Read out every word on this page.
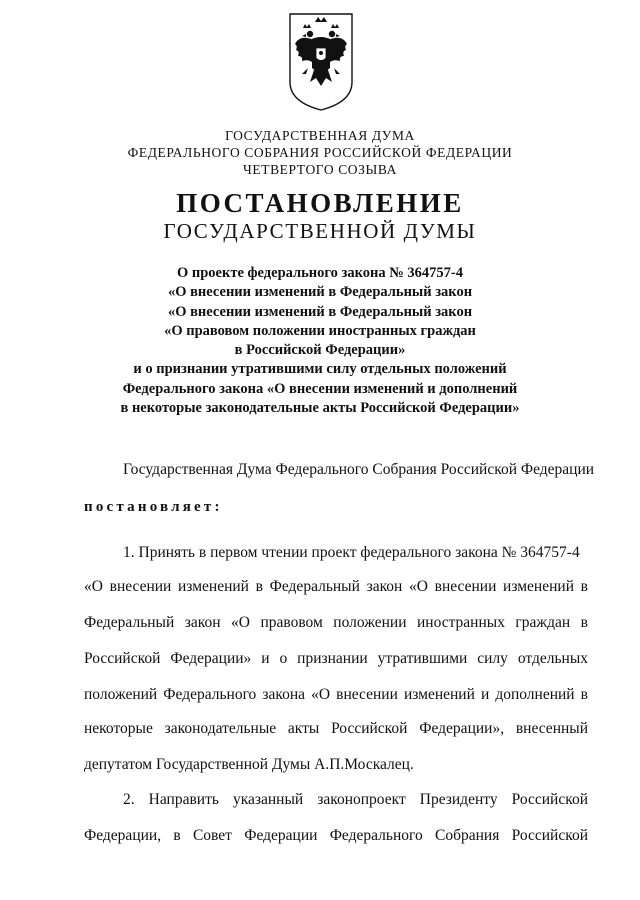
ГОСУДАРСТВЕННАЯ ДУМА
ФЕДЕРАЛЬНОГО СОБРАНИЯ РОССИЙСКОЙ ФЕДЕРАЦИИ
ЧЕТВЕРТОГО СОЗЫВА
ПОСТАНОВЛЕНИЕ
ГОСУДАРСТВЕННОЙ ДУМЫ
О проекте федерального закона № 364757-4
«О внесении изменений в Федеральный закон
«О внесении изменений в Федеральный закон
«О правовом положении иностранных граждан
в Российской Федерации»
и о признании утратившими силу отдельных положений
Федерального закона «О внесении изменений и дополнений
в некоторые законодательные акты Российской Федерации»
Государственная Дума Федерального Собрания Российской Федерации
постановляет:
1. Принять в первом чтении проект федерального закона № 364757-4
«О внесении изменений в Федеральный закон «О внесении изменений в
Федеральный закон «О правовом положении иностранных граждан в
Российской Федерации» и о признании утратившими силу отдельных
положений Федерального закона «О внесении изменений и дополнений в
некоторые законодательные акты Российской Федерации», внесенный
депутатом Государственной Думы А.П.Москалец.
2. Направить указанный законопроект Президенту Российской
Федерации, в Совет Федерации Федерального Собрания Российской
